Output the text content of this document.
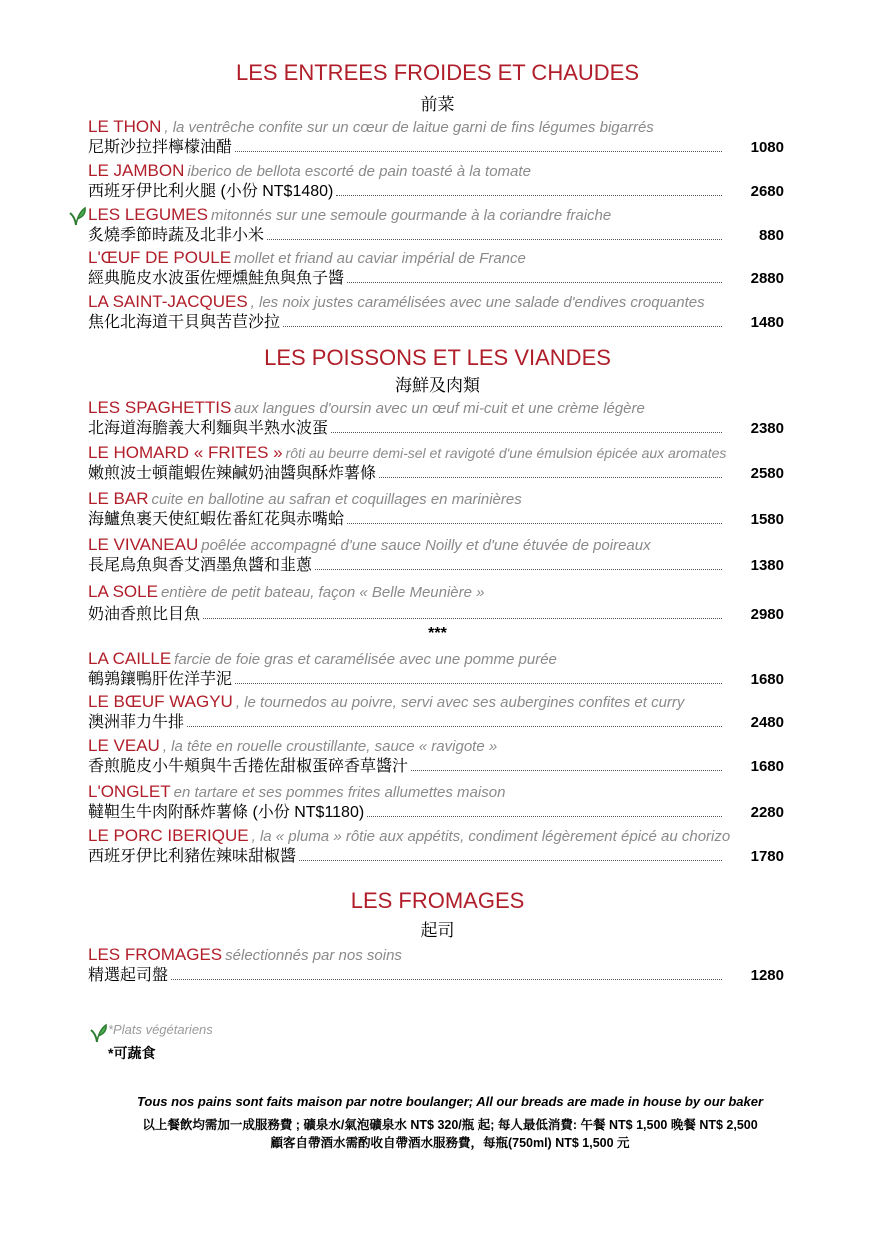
LES ENTREES FROIDES ET CHAUDES
前菜
LE THON , la ventrêche confite sur un cœur de laitue garni de fins légumes bigarrés
尼斯沙拉拌檸檬油醋	1080
LE JAMBON iberico de bellota escorté de pain toasté à la tomate
西班牙伊比利火腿 (小份 NT$1480)	2680
LES LEGUMES mitonnés sur une semoule gourmande à la coriandre fraiche
炙燒季節時蔬及北非小米	880
L'ŒUF DE POULE mollet et friand au caviar impérial de France
經典脆皮水波蛋佐煙燻鮭魚與魚子醬	2880
LA SAINT-JACQUES , les noix justes caramélisées avec une salade d'endives croquantes
焦化北海道干貝與苦苣沙拉	1480
LES POISSONS ET LES VIANDES
海鮮及肉類
LES SPAGHETTIS aux langues d'oursin avec un œuf mi-cuit et une crème légère
北海道海膽義大利麵與半熟水波蛋	2380
LE HOMARD « FRITES » rôti au beurre demi-sel et ravigoté d'une émulsion épicée aux aromates
嫩煎波士頓龍蝦佐辣鹹奶油醬與酥炸薯條	2580
LE BAR cuite en ballotine au safran et coquillages en marinières
海鱸魚裹天使紅蝦佐番紅花與赤嘴蛤	1580
LE VIVANEAU poêlée accompagné d'une sauce Noilly et d'une étuvée de poireaux
長尾鳥魚與香艾酒墨魚醬和韭蔥	1380
LA SOLE entière de petit bateau, façon « Belle Meunière »
奶油香煎比目魚	2980
***
LA CAILLE farcie de foie gras et caramélisée avec une pomme purée
鵪鶉鑲鴨肝佐洋芋泥	1680
LE BŒUF WAGYU , le tournedos au poivre, servi avec ses aubergines confites et curry
澳洲菲力牛排	2480
LE VEAU , la tête en rouelle croustillante, sauce « ravigote »
香煎脆皮小牛頰與牛舌捲佐甜椒蛋碎香草醬汁	1680
L'ONGLET en tartare et ses pommes frites allumettes maison
韃靼生牛肉附酥炸薯條 (小份 NT$1180)	2280
LE PORC IBERIQUE , la « pluma » rôtie aux appétits, condiment légèrement épicé au chorizo
西班牙伊比利豬佐辣味甜椒醬	1780
LES FROMAGES
起司
LES FROMAGES sélectionnés par nos soins
精選起司盤	1280
*Plats végétariens
*可蔬食
Tous nos pains sont faits maison par notre boulanger; All our breads are made in house by our baker
以上餐飲均需加一成服務費 ; 礦泉水/氣泡礦泉水 NT$ 320/瓶 起; 每人最低消費: 午餐 NT$ 1,500 晚餐 NT$ 2,500
顧客自帶酒水需酌收自帶酒水服務費，每瓶(750ml) NT$ 1,500 元
